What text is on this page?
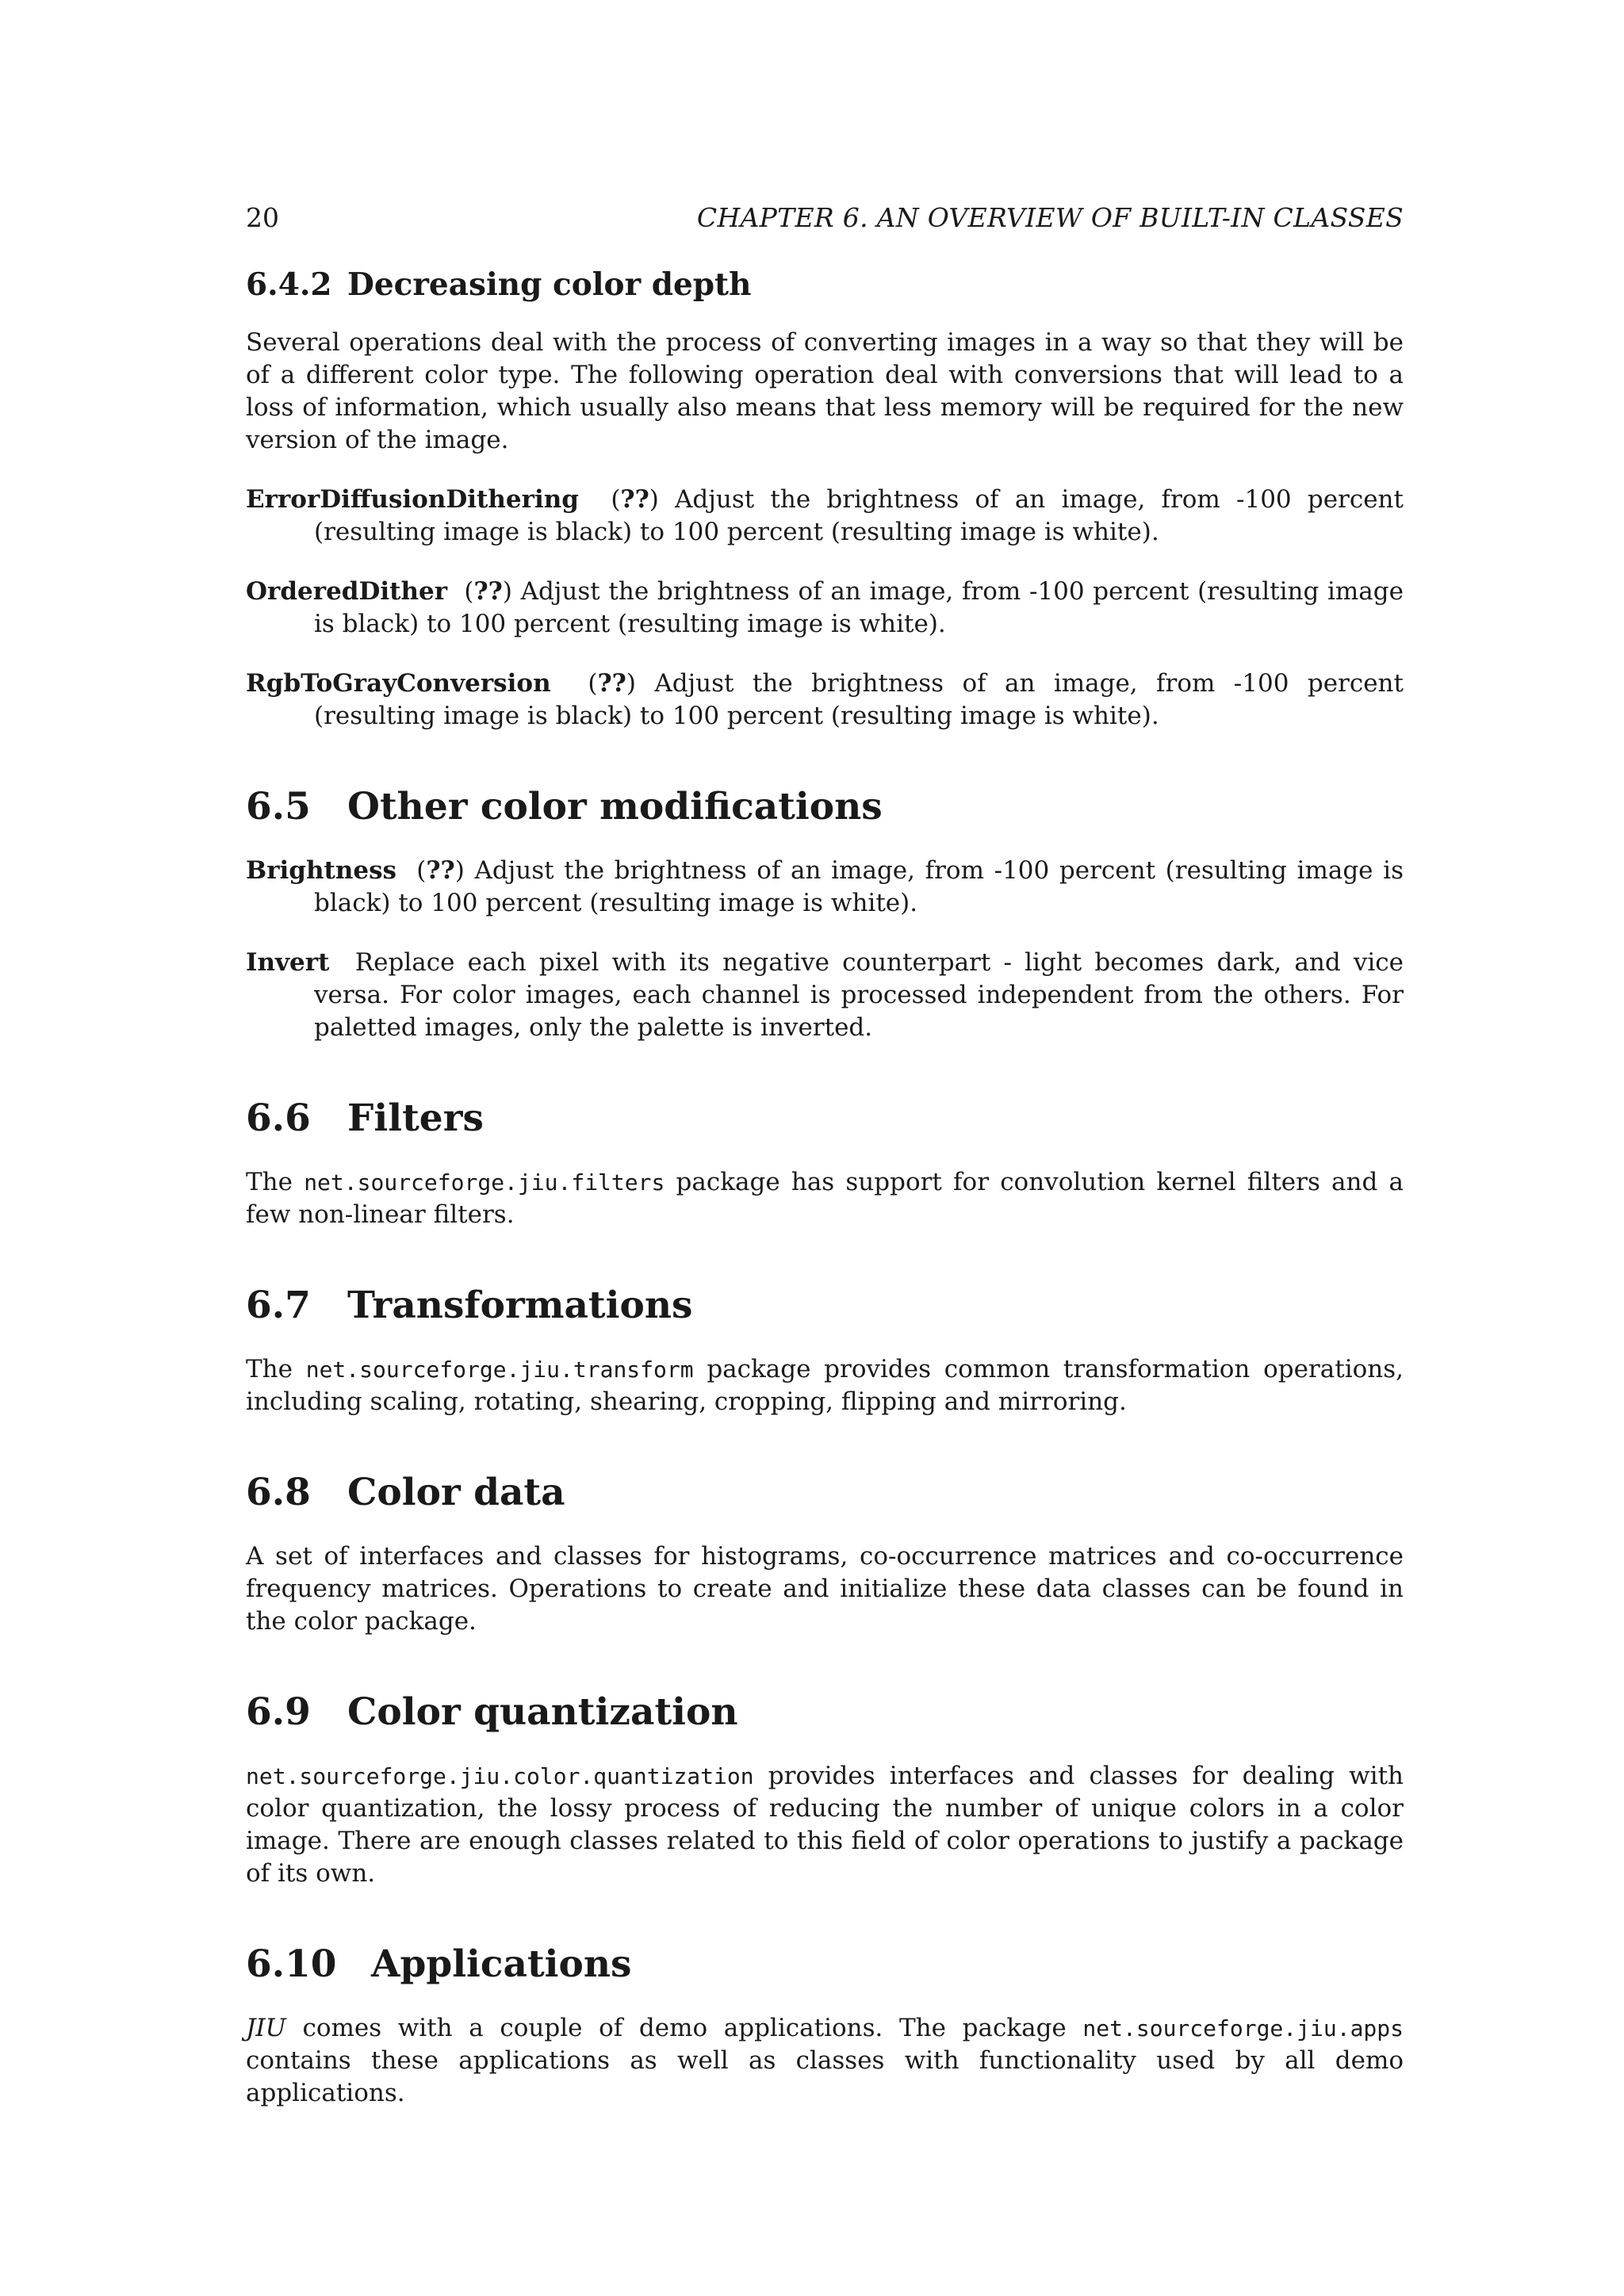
20	CHAPTER 6. AN OVERVIEW OF BUILT-IN CLASSES
6.4.2 Decreasing color depth

Several operations deal with the process of converting images in a way so that they will be of a different color type. The following operation deal with conversions that will lead to a loss of information, which usually also means that less memory will be required for the new version of the image.

ErrorDiffusionDithering  (??) Adjust the brightness of an image, from -100 percent (resulting image is black) to 100 percent (resulting image is white).
OrderedDither  (??) Adjust the brightness of an image, from -100 percent (resulting image is black) to 100 percent (resulting image is white).
RgbToGrayConversion  (??) Adjust the brightness of an image, from -100 percent (resulting image is black) to 100 percent (resulting image is white).
6.5 Other color modifications
Brightness  (??) Adjust the brightness of an image, from -100 percent (resulting image is black) to 100 percent (resulting image is white).
Invert Replace each pixel with its negative counterpart - light becomes dark, and vice versa. For color images, each channel is processed independent from the others. For paletted images, only the palette is inverted.
6.6 Filters

The net.sourceforge.jiu.filters package has support for convolution kernel filters and a few non-linear filters.

6.7 Transformations

The net.sourceforge.jiu.transform package provides common transformation operations, including scaling, rotating, shearing, cropping, flipping and mirroring.

6.8 Color data

A set of interfaces and classes for histograms, co-occurrence matrices and co-occurrence frequency matrices. Operations to create and initialize these data classes can be found in the color package.

6.9 Color quantization

net.sourceforge.jiu.color.quantization provides interfaces and classes for dealing with color quantization, the lossy process of reducing the number of unique colors in a color image. There are enough classes related to this field of color operations to justify a package of its own.

6.10 Applications

JIU comes with a couple of demo applications. The package net.sourceforge.jiu.apps contains these applications as well as classes with functionality used by all demo applications.
